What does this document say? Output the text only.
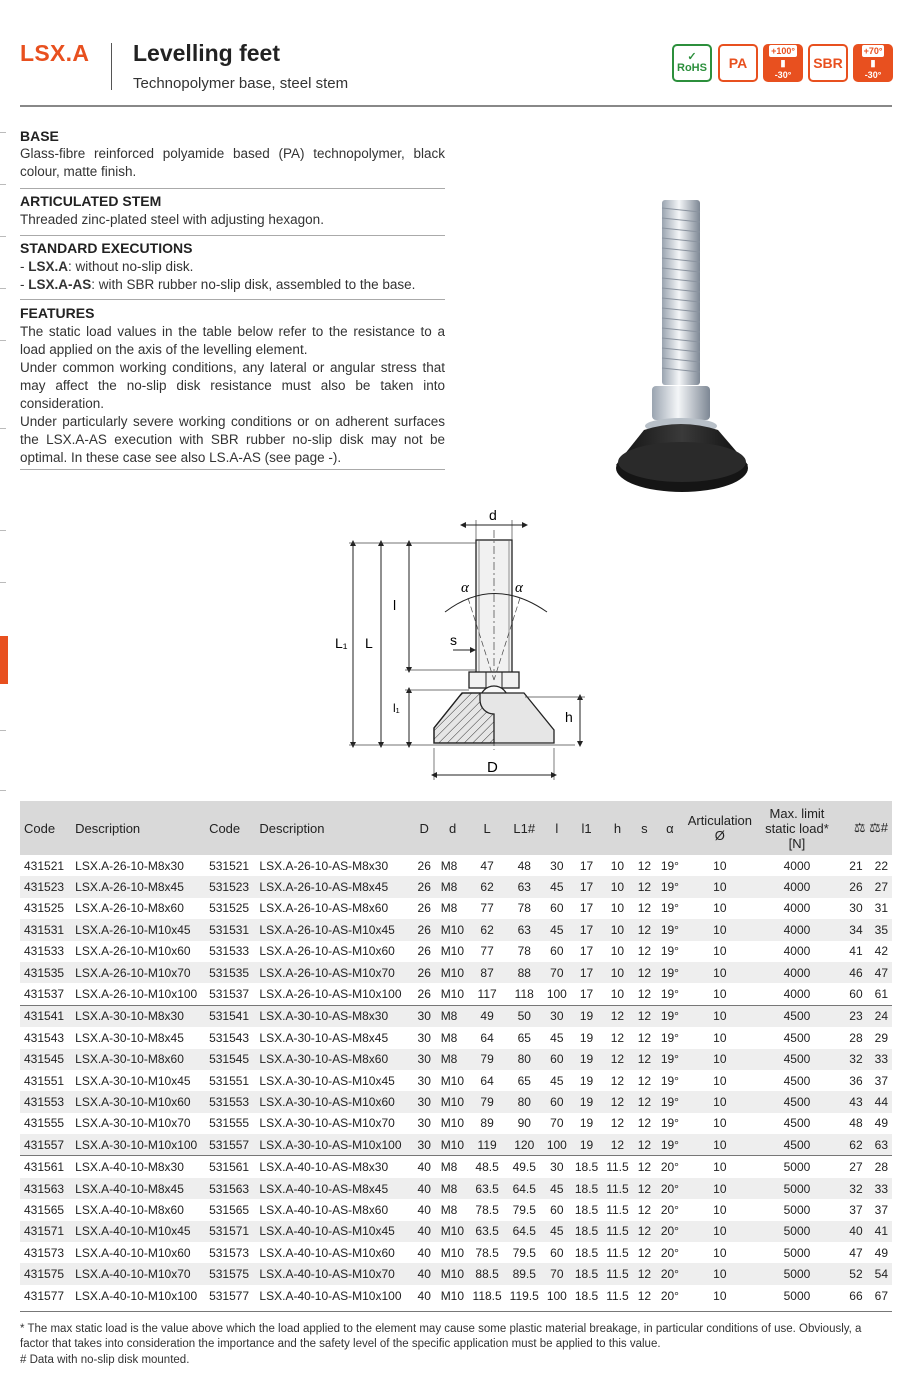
LSX.A Levelling feet
Technopolymer base, steel stem
✓
RoHS PA
+100°
▮
-30°
SBR
+70°
▮
-30°
BASE
Glass-fibre reinforced polyamide based (PA) technopolymer, black colour, matte finish.
ARTICULATED STEM
Threaded zinc-plated steel with adjusting hexagon.
STANDARD EXECUTIONS
- LSX.A: without no-slip disk.
- LSX.A-AS: with SBR rubber no-slip disk, assembled to the base.
FEATURES
The static load values in the table below refer to the resistance to a load applied on the axis of the levelling element.
Under common working conditions, any lateral or angular stress that may affect the no-slip disk resistance must also be taken into consideration.
Under particularly severe working conditions or on adherent surfaces the LSX.A-AS execution with SBR rubber no-slip disk may not be optimal. In these case see also LS.A-AS (see page -).
d
α	α
l
L
L₁	s
l₁
h
D
Code	Description	Code	Description	D	d	L	L1#	l	l1	h	s	α	Articulation Ø	Max. limit static load* [N]	⚖ ⚖#
431521	LSX.A-26-10-M8x30	531521	LSX.A-26-10-AS-M8x30	26	M8	47	48	30	17	10	12	19°	10	4000	21 22
431523	LSX.A-26-10-M8x45	531523	LSX.A-26-10-AS-M8x45	26	M8	62	63	45	17	10	12	19°	10	4000	26 27
431525	LSX.A-26-10-M8x60	531525	LSX.A-26-10-AS-M8x60	26	M8	77	78	60	17	10	12	19°	10	4000	30 31
431531	LSX.A-26-10-M10x45	531531	LSX.A-26-10-AS-M10x45	26	M10	62	63	45	17	10	12	19°	10	4000	34 35
431533	LSX.A-26-10-M10x60	531533	LSX.A-26-10-AS-M10x60	26	M10	77	78	60	17	10	12	19°	10	4000	41 42
431535	LSX.A-26-10-M10x70	531535	LSX.A-26-10-AS-M10x70	26	M10	87	88	70	17	10	12	19°	10	4000	46 47
431537	LSX.A-26-10-M10x100	531537	LSX.A-26-10-AS-M10x100	26	M10	117	118	100	17	10	12	19°	10	4000	60 61
431541	LSX.A-30-10-M8x30	531541	LSX.A-30-10-AS-M8x30	30	M8	49	50	30	19	12	12	19°	10	4500	23 24
431543	LSX.A-30-10-M8x45	531543	LSX.A-30-10-AS-M8x45	30	M8	64	65	45	19	12	12	19°	10	4500	28 29
431545	LSX.A-30-10-M8x60	531545	LSX.A-30-10-AS-M8x60	30	M8	79	80	60	19	12	12	19°	10	4500	32 33
431551	LSX.A-30-10-M10x45	531551	LSX.A-30-10-AS-M10x45	30	M10	64	65	45	19	12	12	19°	10	4500	36 37
431553	LSX.A-30-10-M10x60	531553	LSX.A-30-10-AS-M10x60	30	M10	79	80	60	19	12	12	19°	10	4500	43 44
431555	LSX.A-30-10-M10x70	531555	LSX.A-30-10-AS-M10x70	30	M10	89	90	70	19	12	12	19°	10	4500	48 49
431557	LSX.A-30-10-M10x100	531557	LSX.A-30-10-AS-M10x100	30	M10	119	120	100	19	12	12	19°	10	4500	62 63
431561	LSX.A-40-10-M8x30	531561	LSX.A-40-10-AS-M8x30	40	M8	48.5	49.5	30	18.5	11.5	12	20°	10	5000	27 28
431563	LSX.A-40-10-M8x45	531563	LSX.A-40-10-AS-M8x45	40	M8	63.5	64.5	45	18.5	11.5	12	20°	10	5000	32 33
431565	LSX.A-40-10-M8x60	531565	LSX.A-40-10-AS-M8x60	40	M8	78.5	79.5	60	18.5	11.5	12	20°	10	5000	37 37
431571	LSX.A-40-10-M10x45	531571	LSX.A-40-10-AS-M10x45	40	M10	63.5	64.5	45	18.5	11.5	12	20°	10	5000	40 41
431573	LSX.A-40-10-M10x60	531573	LSX.A-40-10-AS-M10x60	40	M10	78.5	79.5	60	18.5	11.5	12	20°	10	5000	47 49
431575	LSX.A-40-10-M10x70	531575	LSX.A-40-10-AS-M10x70	40	M10	88.5	89.5	70	18.5	11.5	12	20°	10	5000	52 54
431577	LSX.A-40-10-M10x100	531577	LSX.A-40-10-AS-M10x100	40	M10	118.5	119.5	100	18.5	11.5	12	20°	10	5000	66 67
* The max static load is the value above which the load applied to the element may cause some plastic material breakage, in particular conditions of use. Obviously, a factor that takes into consideration the importance and the safety level of the specific application must be applied to this value.
# Data with no-slip disk mounted.
